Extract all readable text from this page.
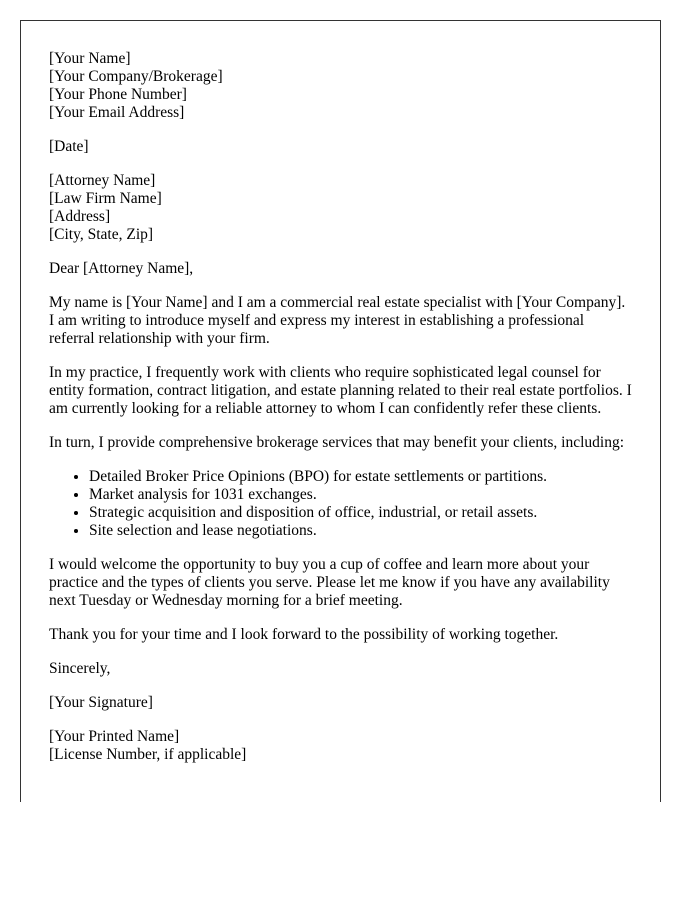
[Your Name]
[Your Company/Brokerage]
[Your Phone Number]
[Your Email Address]
[Date]
[Attorney Name]
[Law Firm Name]
[Address]
[City, State, Zip]

Dear [Attorney Name],

My name is [Your Name] and I am a commercial real estate specialist with [Your Company]. I am writing to introduce myself and express my interest in establishing a professional referral relationship with your firm.

In my practice, I frequently work with clients who require sophisticated legal counsel for entity formation, contract litigation, and estate planning related to their real estate portfolios. I am currently looking for a reliable attorney to whom I can confidently refer these clients.

In turn, I provide comprehensive brokerage services that may benefit your clients, including:

• Detailed Broker Price Opinions (BPO) for estate settlements or partitions.
• Market analysis for 1031 exchanges.
• Strategic acquisition and disposition of office, industrial, or retail assets.
• Site selection and lease negotiations.

I would welcome the opportunity to buy you a cup of coffee and learn more about your practice and the types of clients you serve. Please let me know if you have any availability next Tuesday or Wednesday morning for a brief meeting.

Thank you for your time and I look forward to the possibility of working together.

Sincerely,

[Your Signature]

[Your Printed Name]
[License Number, if applicable]
